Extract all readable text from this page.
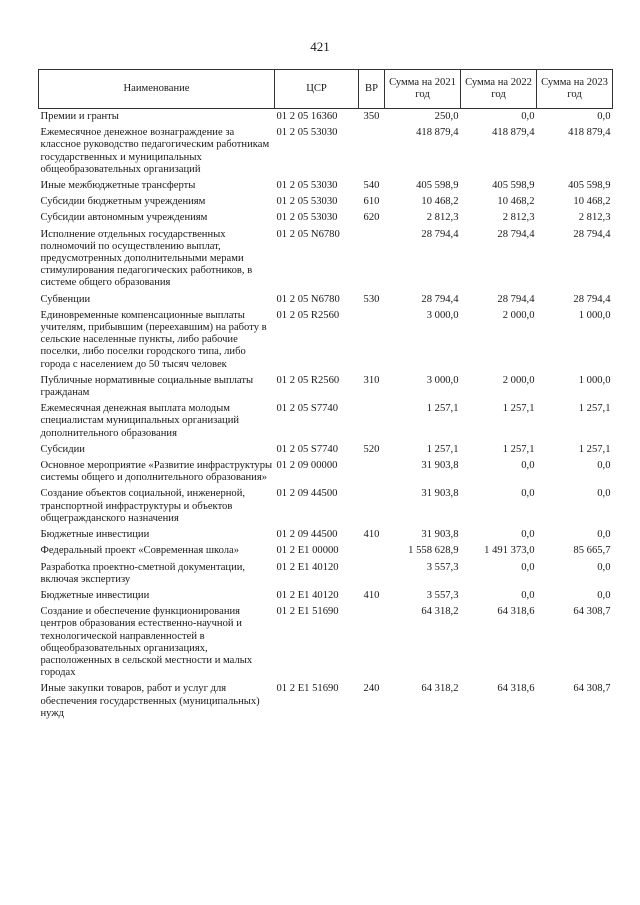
421
Наименование	ЦСР	ВР	Сумма на 2021 год	Сумма на 2022 год	Сумма на 2023 год
Премии и гранты	01 2 05 16360	350	250,0	0,0	0,0
Ежемесячное денежное вознаграждение за классное руководство педагогическим работникам государственных и муниципальных общеобразовательных организаций	01 2 05 53030		418 879,4	418 879,4	418 879,4
Иные межбюджетные трансферты	01 2 05 53030	540	405 598,9	405 598,9	405 598,9
Субсидии бюджетным учреждениям	01 2 05 53030	610	10 468,2	10 468,2	10 468,2
Субсидии автономным учреждениям	01 2 05 53030	620	2 812,3	2 812,3	2 812,3
Исполнение отдельных государственных полномочий по осуществлению выплат, предусмотренных дополнительными мерами стимулирования педагогических работников, в системе общего образования	01 2 05 N6780		28 794,4	28 794,4	28 794,4
Субвенции	01 2 05 N6780	530	28 794,4	28 794,4	28 794,4
Единовременные компенсационные выплаты учителям, прибывшим (переехавшим) на работу в сельские населенные пункты, либо рабочие поселки, либо поселки городского типа, либо города с населением до 50 тысяч человек	01 2 05 R2560		3 000,0	2 000,0	1 000,0
Публичные нормативные социальные выплаты гражданам	01 2 05 R2560	310	3 000,0	2 000,0	1 000,0
Ежемесячная денежная выплата молодым специалистам муниципальных организаций дополнительного образования	01 2 05 S7740		1 257,1	1 257,1	1 257,1
Субсидии	01 2 05 S7740	520	1 257,1	1 257,1	1 257,1
Основное мероприятие «Развитие инфраструктуры системы общего и дополнительного образования»	01 2 09 00000		31 903,8	0,0	0,0
Создание объектов социальной, инженерной, транспортной инфраструктуры и объектов общегражданского назначения	01 2 09 44500		31 903,8	0,0	0,0
Бюджетные инвестиции	01 2 09 44500	410	31 903,8	0,0	0,0
Федеральный проект «Современная школа»	01 2 E1 00000		1 558 628,9	1 491 373,0	85 665,7
Разработка проектно-сметной документации, включая экспертизу	01 2 E1 40120		3 557,3	0,0	0,0
Бюджетные инвестиции	01 2 E1 40120	410	3 557,3	0,0	0,0
Создание и обеспечение функционирования центров образования естественно-научной и технологической направленностей в общеобразовательных организациях, расположенных в сельской местности и малых городах	01 2 E1 51690		64 318,2	64 318,6	64 308,7
Иные закупки товаров, работ и услуг для обеспечения государственных (муниципальных) нужд	01 2 E1 51690	240	64 318,2	64 318,6	64 308,7
